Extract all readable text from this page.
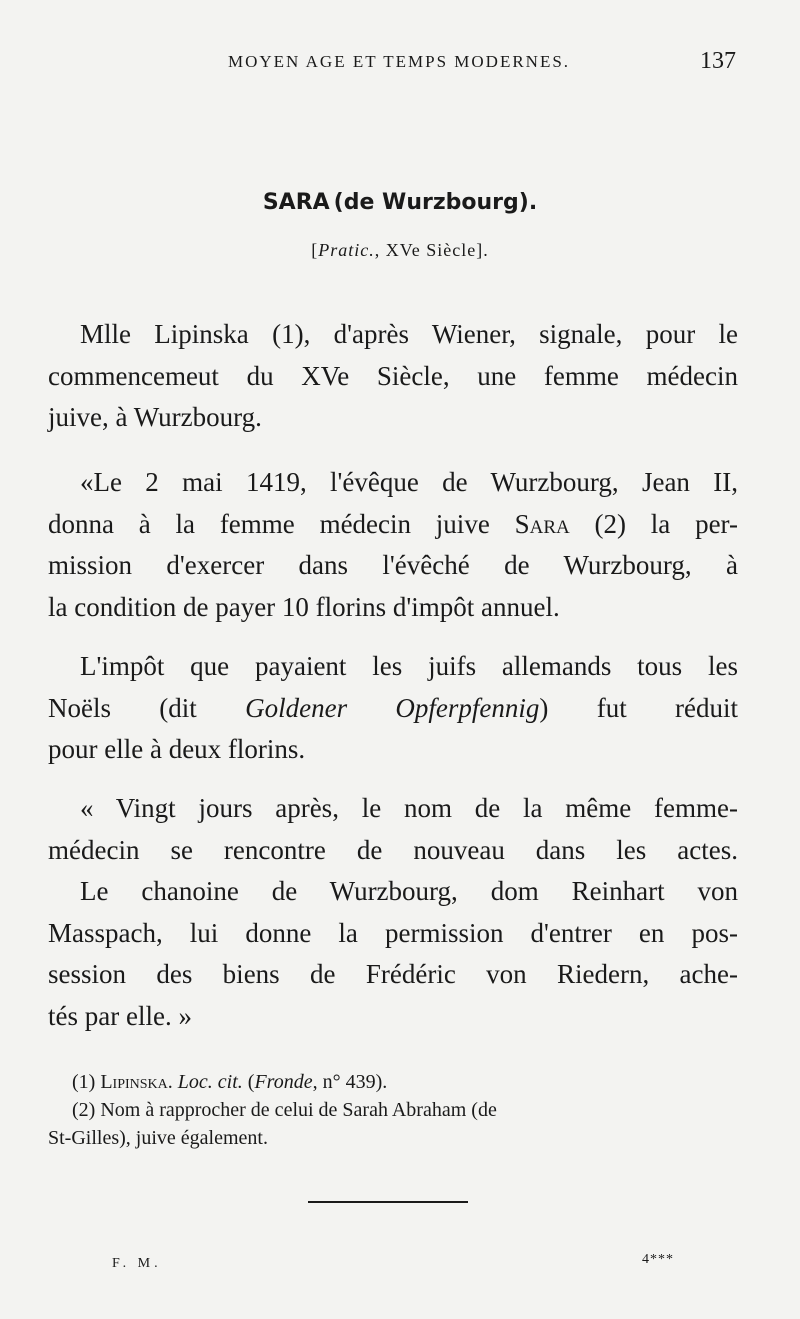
MOYEN AGE ET TEMPS MODERNES.	137
SARA (de Wurzbourg).
[Pratic., XVe Siècle].
Mlle Lipinska (1), d'après Wiener, signale, pour le
commencemeut du XVe Siècle, une femme médecin
juive, à Wurzbourg.
«Le 2 mai 1419, l'évêque de Wurzbourg, Jean II,
donna à la femme médecin juive Sara (2) la per-
mission d'exercer dans l'évêché de Wurzbourg, à
la condition de payer 10 florins d'impôt annuel.
L'impôt que payaient les juifs allemands tous les
Noëls (dit Goldener Opferpfennig) fut réduit
pour elle à deux florins.
« Vingt jours après, le nom de la même femme-
médecin se rencontre de nouveau dans les actes.
Le chanoine de Wurzbourg, dom Reinhart von
Masspach, lui donne la permission d'entrer en pos-
session des biens de Frédéric von Riedern, ache-
tés par elle. »
(1) Lipinska. Loc. cit. (Fronde, n° 439).
(2) Nom à rapprocher de celui de Sarah Abraham (de
St-Gilles), juive également.
F. M.	4***
